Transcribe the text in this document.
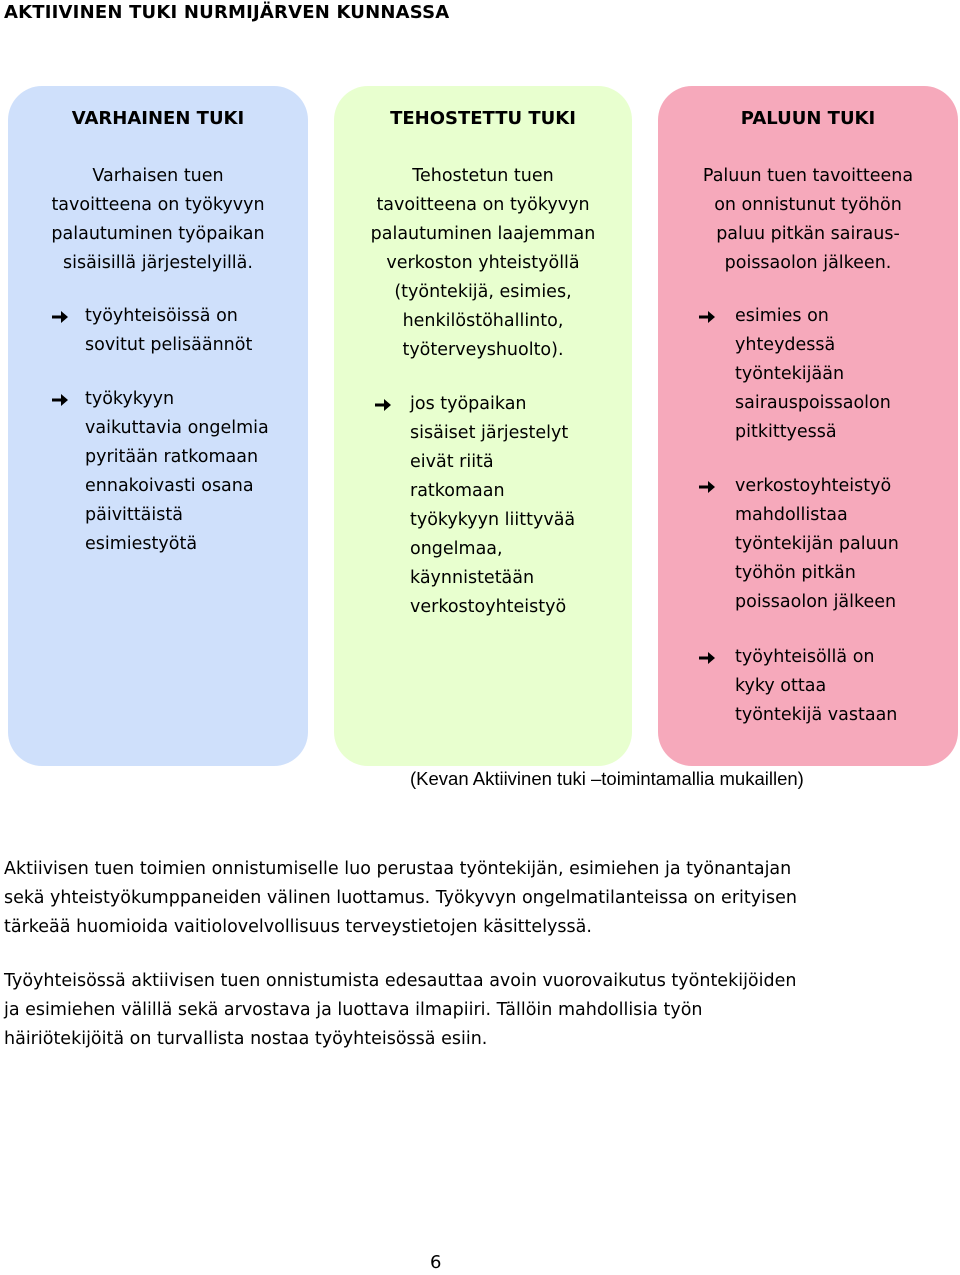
AKTIIVINEN TUKI NURMIJÄRVEN KUNNASSA
VARHAINEN TUKI
Varhaisen tuen
tavoitteena on työkyvyn
palautuminen työpaikan
sisäisillä järjestelyillä.
työyhteisöissä on
sovitut pelisäännöt
työkykyyn
vaikuttavia ongelmia
pyritään ratkomaan
ennakoivasti osana
päivittäistä
esimiestyötä
TEHOSTETTU TUKI
Tehostetun tuen
tavoitteena on työkyvyn
palautuminen laajemman
verkoston yhteistyöllä
(työntekijä, esimies,
henkilöstöhallinto,
työterveyshuolto).
jos työpaikan
sisäiset järjestelyt
eivät riitä
ratkomaan
työkykyyn liittyvää
ongelmaa,
käynnistetään
verkostoyhteistyö
PALUUN TUKI
Paluun tuen tavoitteena
on onnistunut työhön
paluu pitkän sairaus-
poissaolon jälkeen.
esimies on
yhteydessä
työntekijään
sairauspoissaolon
pitkittyessä
verkostoyhteistyö
mahdollistaa
työntekijän paluun
työhön pitkän
poissaolon jälkeen
työyhteisöllä on
kyky ottaa
työntekijä vastaan
(Kevan Aktiivinen tuki –toimintamallia mukaillen)
Aktiivisen tuen toimien onnistumiselle luo perustaa työntekijän, esimiehen ja työnantajan
sekä yhteistyökumppaneiden välinen luottamus. Työkyvyn ongelmatilanteissa on erityisen
tärkeää huomioida vaitiolovelvollisuus terveystietojen käsittelyssä.
Työyhteisössä aktiivisen tuen onnistumista edesauttaa avoin vuorovaikutus työntekijöiden
ja esimiehen välillä sekä arvostava ja luottava ilmapiiri. Tällöin mahdollisia työn
häiriötekijöitä on turvallista nostaa työyhteisössä esiin.
6
